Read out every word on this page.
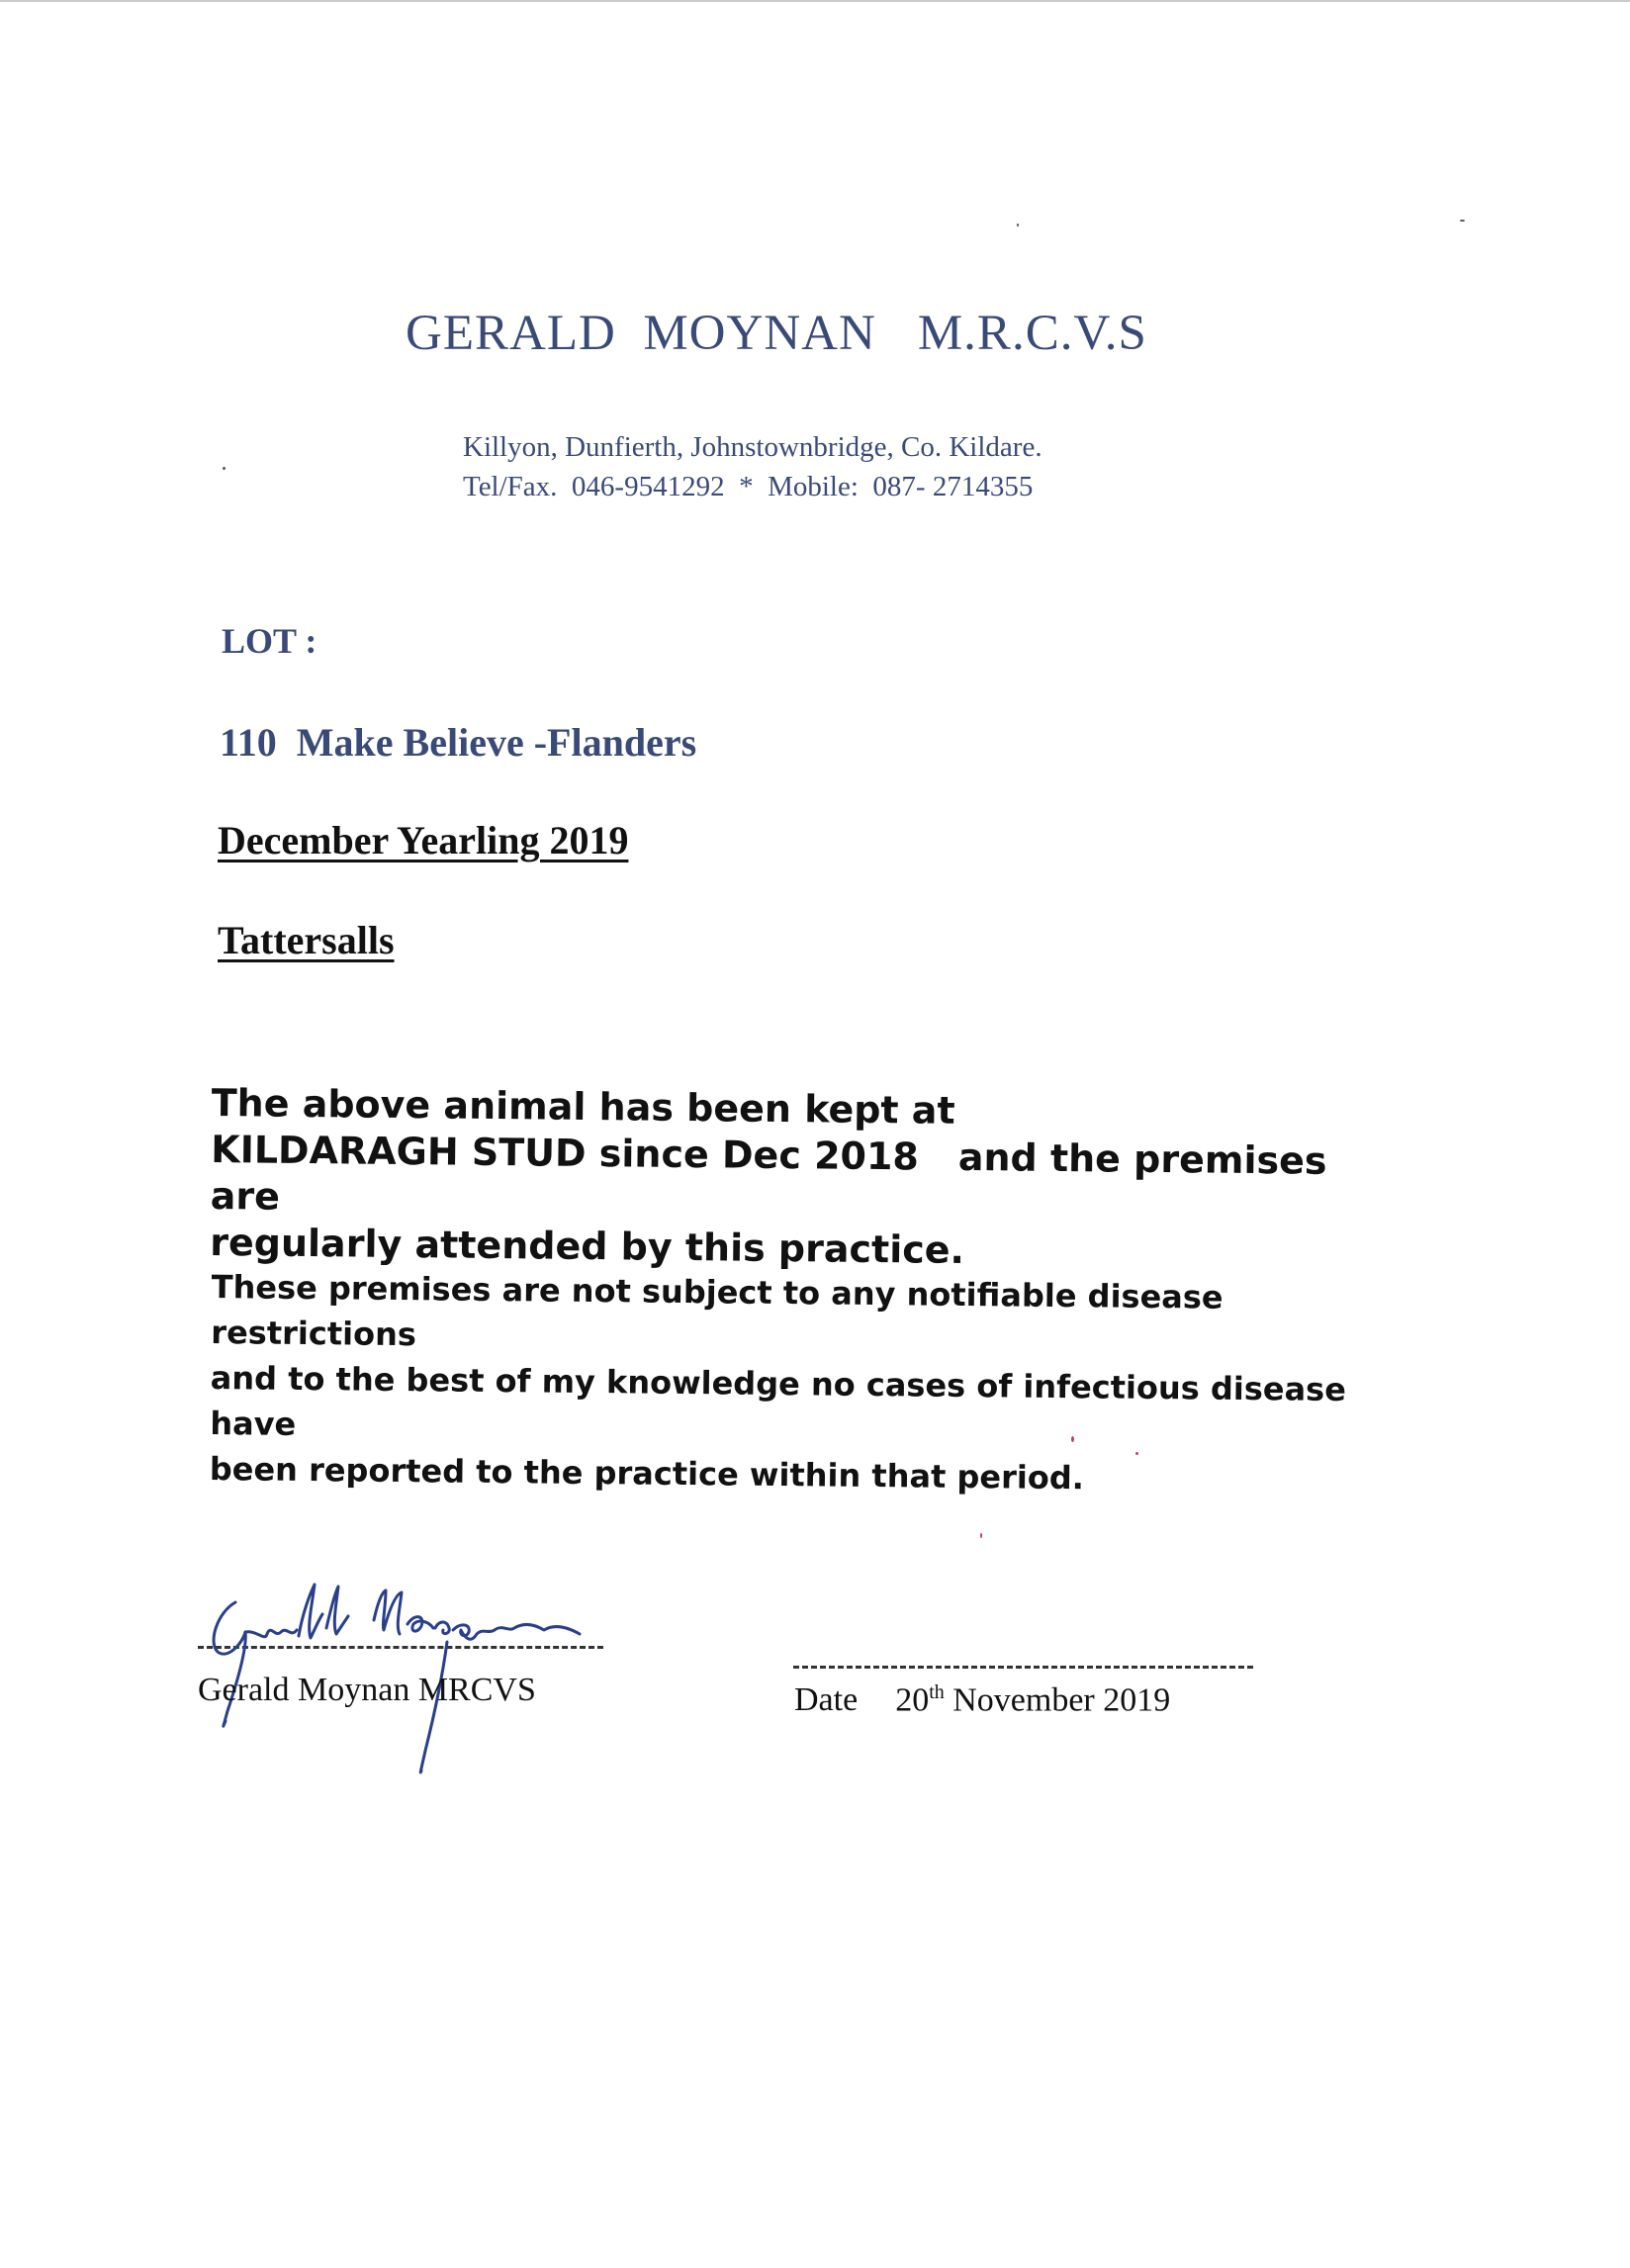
GERALD  MOYNAN M.R.C.V.S
Killyon, Dunfierth, Johnstownbridge, Co. Kildare.
Tel/Fax.  046-9541292  *  Mobile:  087- 2714355
LOT :
110 Make Believe -Flanders
December Yearling 2019
Tattersalls
The above animal has been kept at
KILDARAGH STUD since Dec 2018 and the premises are
regularly attended by this practice.
These premises are not subject to any notifiable disease restrictions
and to the best of my knowledge no cases of infectious disease have
been reported to the practice within that period.
Gerald Moynan MRCVS	Date 20th November 2019
